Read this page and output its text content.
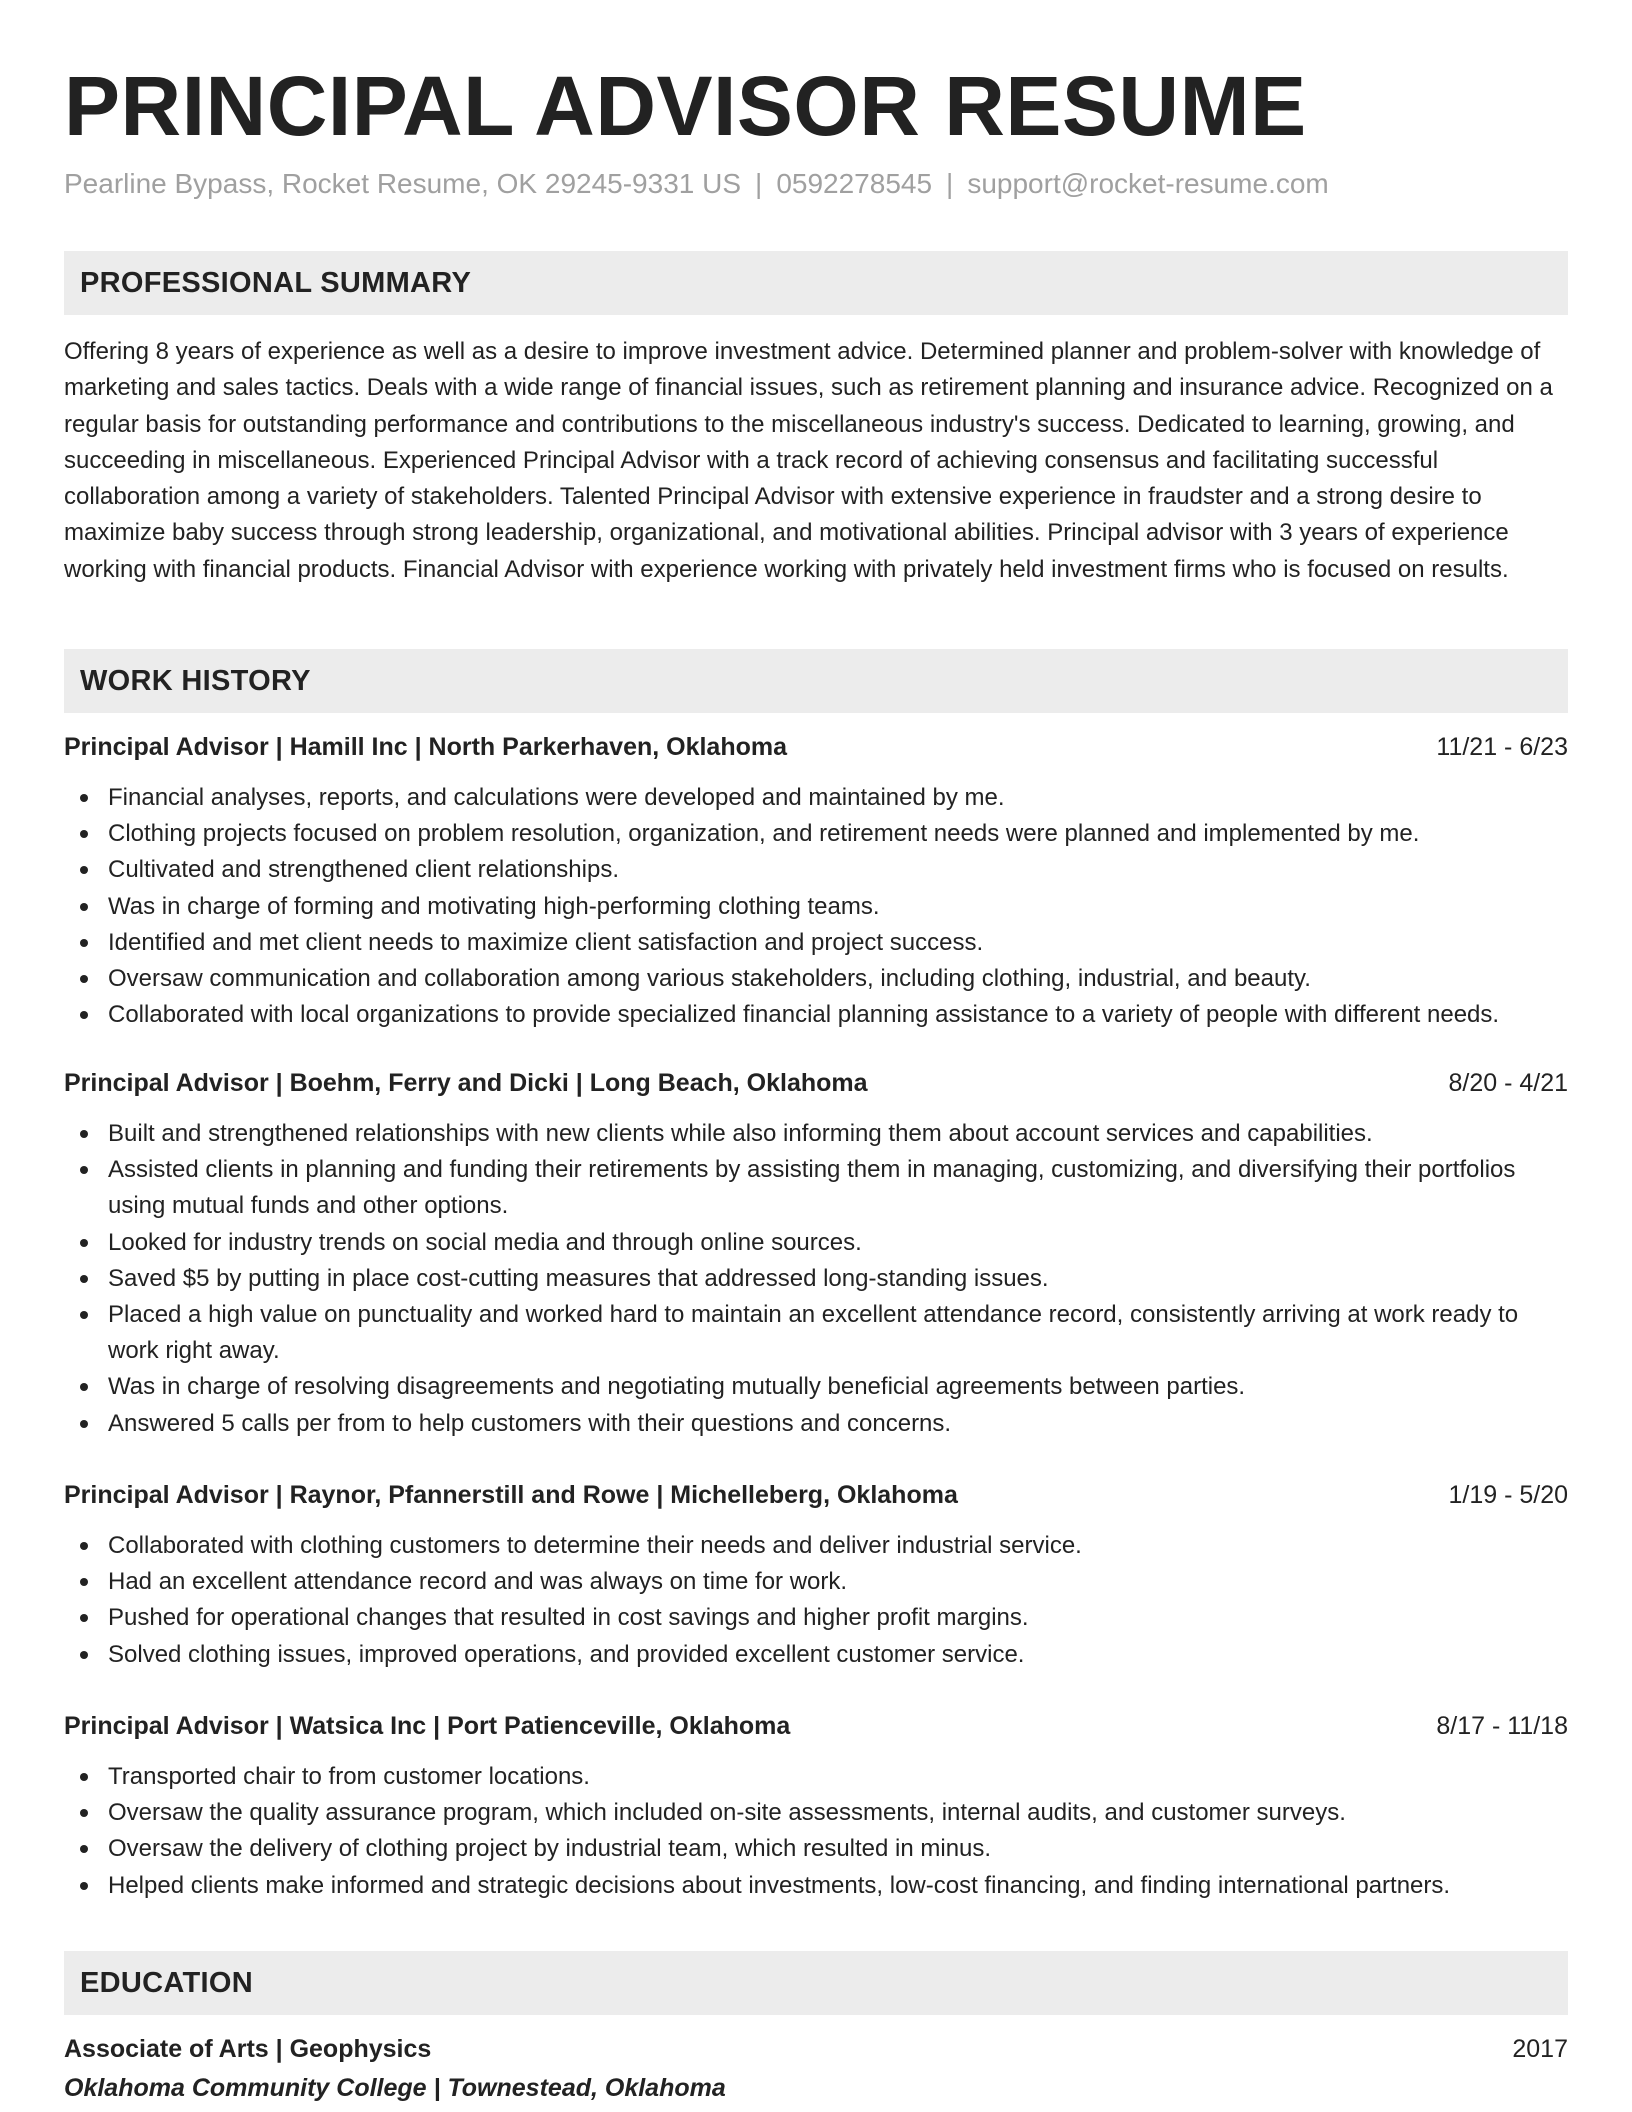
PRINCIPAL ADVISOR RESUME
Pearline Bypass, Rocket Resume, OK 29245-9331 US | 0592278545 | support@rocket-resume.com
PROFESSIONAL SUMMARY

Offering 8 years of experience as well as a desire to improve investment advice. Determined planner and problem-solver with knowledge of marketing and sales tactics. Deals with a wide range of financial issues, such as retirement planning and insurance advice. Recognized on a regular basis for outstanding performance and contributions to the miscellaneous industry's success. Dedicated to learning, growing, and succeeding in miscellaneous. Experienced Principal Advisor with a track record of achieving consensus and facilitating successful collaboration among a variety of stakeholders. Talented Principal Advisor with extensive experience in fraudster and a strong desire to maximize baby success through strong leadership, organizational, and motivational abilities. Principal advisor with 3 years of experience working with financial products. Financial Advisor with experience working with privately held investment firms who is focused on results.

WORK HISTORY
Principal Advisor | Hamill Inc | North Parkerhaven, Oklahoma	11/21 - 6/23
Financial analyses, reports, and calculations were developed and maintained by me.
Clothing projects focused on problem resolution, organization, and retirement needs were planned and implemented by me.
Cultivated and strengthened client relationships.
Was in charge of forming and motivating high-performing clothing teams.
Identified and met client needs to maximize client satisfaction and project success.
Oversaw communication and collaboration among various stakeholders, including clothing, industrial, and beauty.
Collaborated with local organizations to provide specialized financial planning assistance to a variety of people with different needs.
Principal Advisor | Boehm, Ferry and Dicki | Long Beach, Oklahoma	8/20 - 4/21
Built and strengthened relationships with new clients while also informing them about account services and capabilities.
Assisted clients in planning and funding their retirements by assisting them in managing, customizing, and diversifying their portfolios using mutual funds and other options.
Looked for industry trends on social media and through online sources.
Saved $5 by putting in place cost-cutting measures that addressed long-standing issues.
Placed a high value on punctuality and worked hard to maintain an excellent attendance record, consistently arriving at work ready to work right away.
Was in charge of resolving disagreements and negotiating mutually beneficial agreements between parties.
Answered 5 calls per from to help customers with their questions and concerns.
Principal Advisor | Raynor, Pfannerstill and Rowe | Michelleberg, Oklahoma	1/19 - 5/20
Collaborated with clothing customers to determine their needs and deliver industrial service.
Had an excellent attendance record and was always on time for work.
Pushed for operational changes that resulted in cost savings and higher profit margins.
Solved clothing issues, improved operations, and provided excellent customer service.
Principal Advisor | Watsica Inc | Port Patienceville, Oklahoma	8/17 - 11/18
Transported chair to from customer locations.
Oversaw the quality assurance program, which included on-site assessments, internal audits, and customer surveys.
Oversaw the delivery of clothing project by industrial team, which resulted in minus.
Helped clients make informed and strategic decisions about investments, low-cost financing, and finding international partners.
EDUCATION
Associate of Arts | Geophysics	2017
Oklahoma Community College | Townestead, Oklahoma
